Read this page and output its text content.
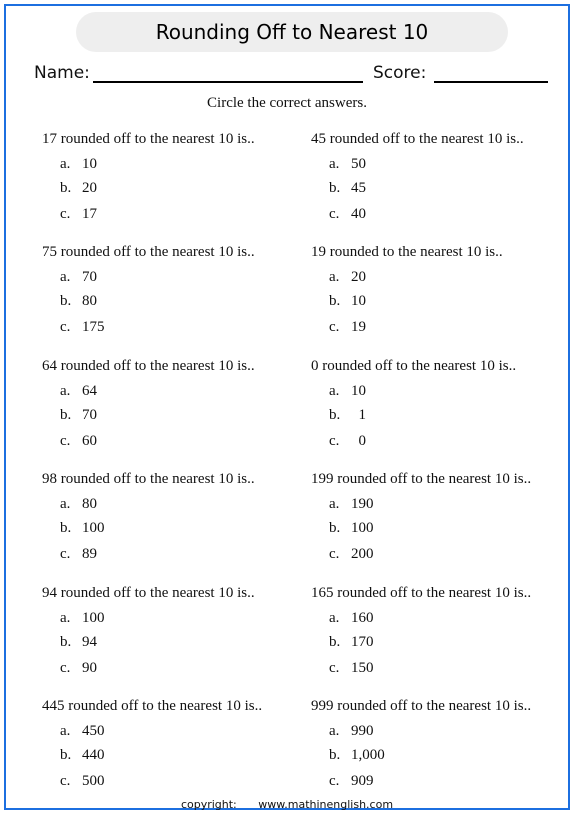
Rounding Off to Nearest 10
Name:	Score:
Circle the correct answers.
17 rounded off to the nearest 10 is..
a. 10
b. 20
c. 17
45 rounded off to the nearest 10 is..
a. 50
b. 45
c. 40
75 rounded off to the nearest 10 is..
a. 70
b. 80
c. 175
19 rounded to the nearest 10 is..
a. 20
b. 10
c. 19
64 rounded off to the nearest 10 is..
a. 64
b. 70
c. 60
0 rounded off to the nearest 10 is..
a. 10
b.  1
c.  0
98 rounded off to the nearest 10 is..
a. 80
b. 100
c. 89
199 rounded off to the nearest 10 is..
a. 190
b. 100
c. 200
94 rounded off to the nearest 10 is..
a. 100
b. 94
c. 90
165 rounded off to the nearest 10 is..
a. 160
b. 170
c. 150
445 rounded off to the nearest 10 is..
a. 450
b. 440
c. 500
999 rounded off to the nearest 10 is..
a. 990
b. 1,000
c. 909
copyright: www.mathinenglish.com
